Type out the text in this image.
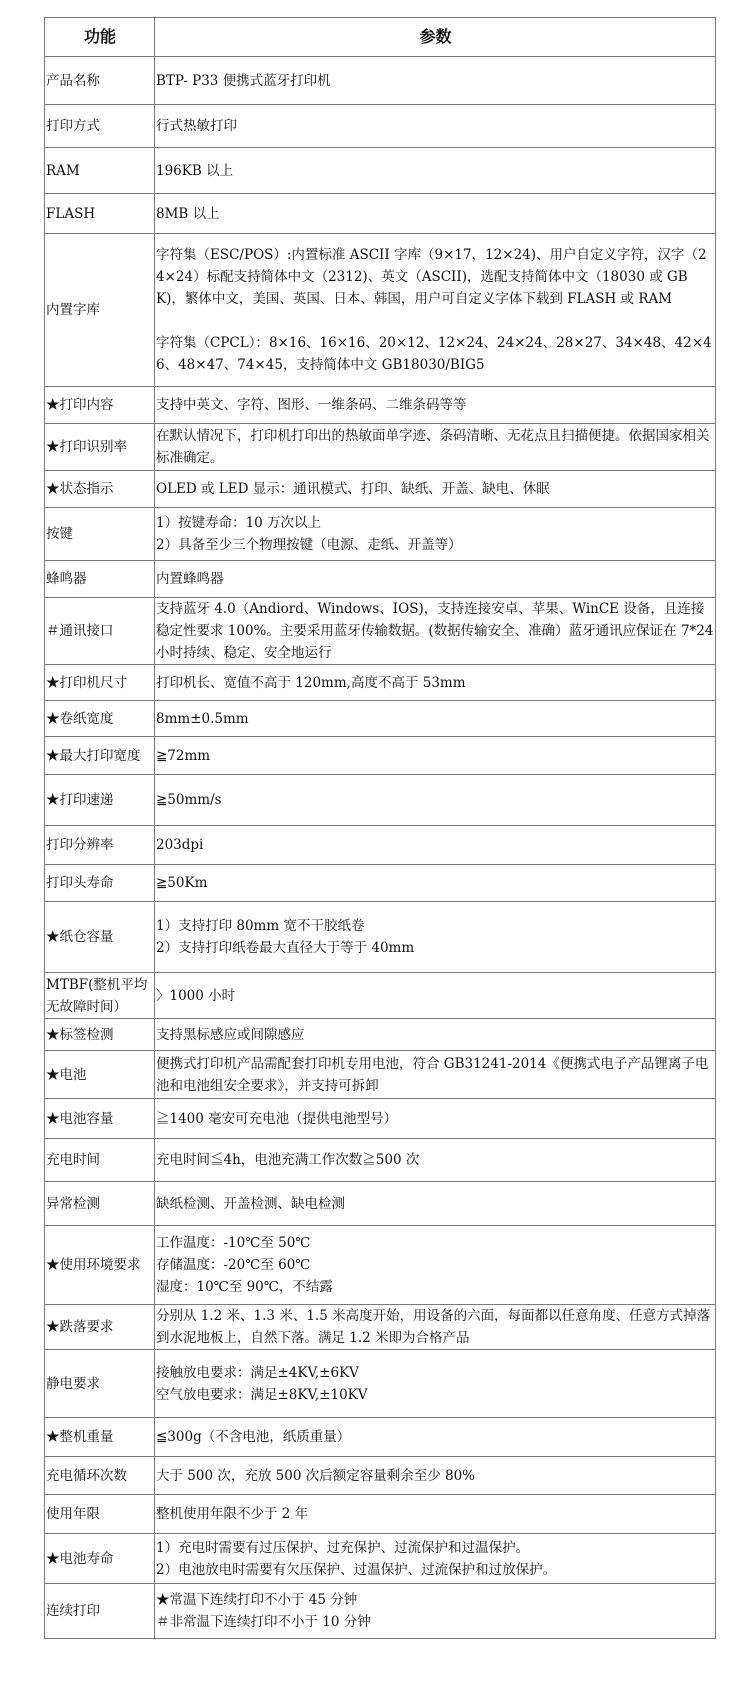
功能	参数
产品名称	BTP- P33 便携式蓝牙打印机
打印方式	行式热敏打印
RAM	196KB 以上
FLASH	8MB 以上
内置字库	字符集（ESC/POS）:内置标准 ASCII 字库（9×17，12×24)、用户自定义字符，汉字（24×24）标配支持简体中文（2312)、英文（ASCII)，选配支持简体中文（18030 或 GBK)，繁体中文，美国、英国、日本、韩国，用户可自定义字体下载到 FLASH 或 RAM

字符集（CPCL）：8×16、16×16、20×12、12×24、24×24、28×27、34×48、42×46、48×47、74×45，支持简体中文 GB18030/BIG5
★打印内容	支持中英文、字符、图形、一维条码、二维条码等等
★打印识别率	在默认情况下，打印机打印出的热敏面单字迹、条码清晰、无花点且扫描便捷。依据国家相关标准确定。
★状态指示	OLED 或 LED 显示：通讯模式、打印、缺纸、开盖、缺电、休眠
按键	1）按键寿命：10 万次以上
2）具备至少三个物理按键（电源、走纸、开盖等）
蜂鸣器	内置蜂鸣器
＃通讯接口	支持蓝牙 4.0（Andiord、Windows、IOS)，支持连接安卓、苹果、WinCE 设备，且连接稳定性要求 100%。主要采用蓝牙传输数据。(数据传输安全、准确）蓝牙通讯应保证在 7*24 小时持续、稳定、安全地运行
★打印机尺寸	打印机长、宽值不高于 120mm,高度不高于 53mm
★卷纸宽度	8mm±0.5mm
★最大打印宽度	≧72mm
★打印速递	≧50mm/s
打印分辨率	203dpi
打印头寿命	≧50Km
★纸仓容量	1）支持打印 80mm 宽不干胶纸卷
2）支持打印纸卷最大直径大于等于 40mm
MTBF(整机平均无故障时间）	〉1000 小时
★标签检测	支持黑标感应或间隙感应
★电池	便携式打印机产品需配套打印机专用电池，符合 GB31241-2014《便携式电子产品锂离子电池和电池组安全要求》，并支持可拆卸
★电池容量	≧1400 毫安可充电池（提供电池型号）
充电时间	充电时间≦4h，电池充满工作次数≧500 次
异常检测	缺纸检测、开盖检测、缺电检测
★使用环境要求	工作温度：-10℃至 50℃
存储温度：-20℃至 60℃
湿度：10℃至 90℃，不结露
★跌落要求	分别从 1.2 米、1.3 米、1.5 米高度开始，用设备的六面，每面都以任意角度、任意方式掉落到水泥地板上，自然下落。满足 1.2 米即为合格产品
静电要求	接触放电要求：满足±4KV,±6KV
空气放电要求：满足±8KV,±10KV
★整机重量	≦300g（不含电池，纸质重量）
充电循环次数	大于 500 次，充放 500 次后额定容量剩余至少 80%
使用年限	整机使用年限不少于 2 年
★电池寿命	1）充电时需要有过压保护、过充保护、过流保护和过温保护。
2）电池放电时需要有欠压保护、过温保护、过流保护和过放保护。
连续打印	★常温下连续打印不小于 45 分钟
＃非常温下连续打印不小于 10 分钟
